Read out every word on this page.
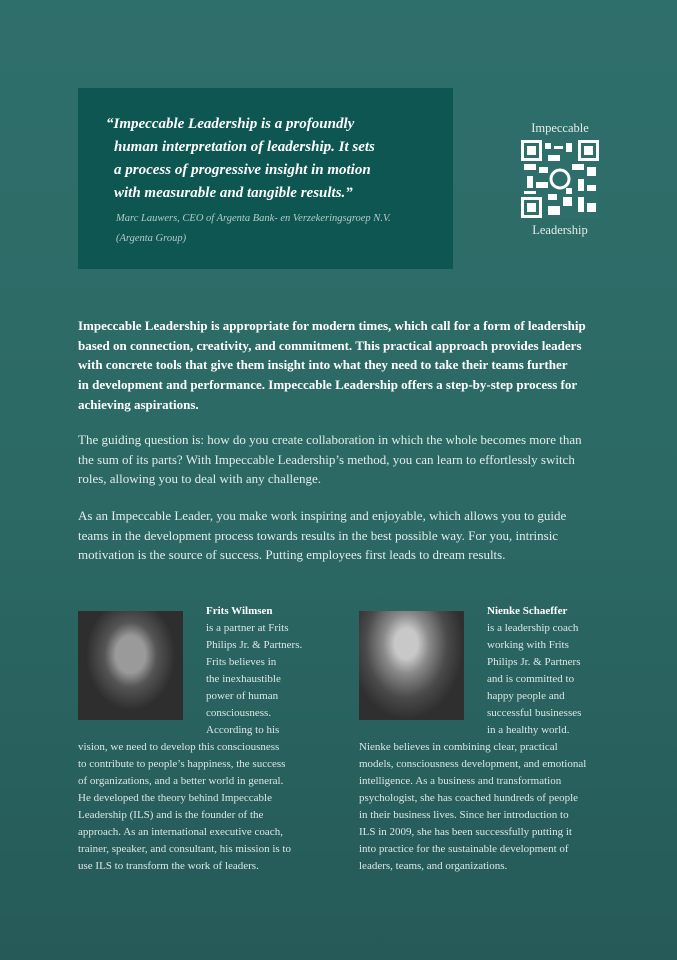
“Impeccable Leadership is a profoundly
human interpretation of leadership. It sets
a process of progressive insight in motion
with measurable and tangible results.”
Marc Lauwers, CEO of Argenta Bank- en Verzekeringsgroep N.V.
(Argenta Group)
Impeccable
Leadership
Impeccable Leadership is appropriate for modern times, which call for a form of leadership
based on connection, creativity, and commitment. This practical approach provides leaders
with concrete tools that give them insight into what they need to take their teams further
in development and performance. Impeccable Leadership offers a step-by-step process for
achieving aspirations.
The guiding question is: how do you create collaboration in which the whole becomes more than
the sum of its parts? With Impeccable Leadership’s method, you can learn to effortlessly switch
roles, allowing you to deal with any challenge.
As an Impeccable Leader, you make work inspiring and enjoyable, which allows you to guide
teams in the development process towards results in the best possible way. For you, intrinsic
motivation is the source of success. Putting employees first leads to dream results.
Frits Wilmsen
is a partner at Frits
Philips Jr. & Partners.
Frits believes in
the inexhaustible
power of human
consciousness.
According to his
vision, we need to develop this consciousness
to contribute to people’s happiness, the success
of organizations, and a better world in general.
He developed the theory behind Impeccable
Leadership (ILS) and is the founder of the
approach. As an international executive coach,
trainer, speaker, and consultant, his mission is to
use ILS to transform the work of leaders.
Nienke Schaeffer
is a leadership coach
working with Frits
Philips Jr. & Partners
and is committed to
happy people and
successful businesses
in a healthy world.
Nienke believes in combining clear, practical
models, consciousness development, and emotional
intelligence. As a business and transformation
psychologist, she has coached hundreds of people
in their business lives. Since her introduction to
ILS in 2009, she has been successfully putting it
into practice for the sustainable development of
leaders, teams, and organizations.
